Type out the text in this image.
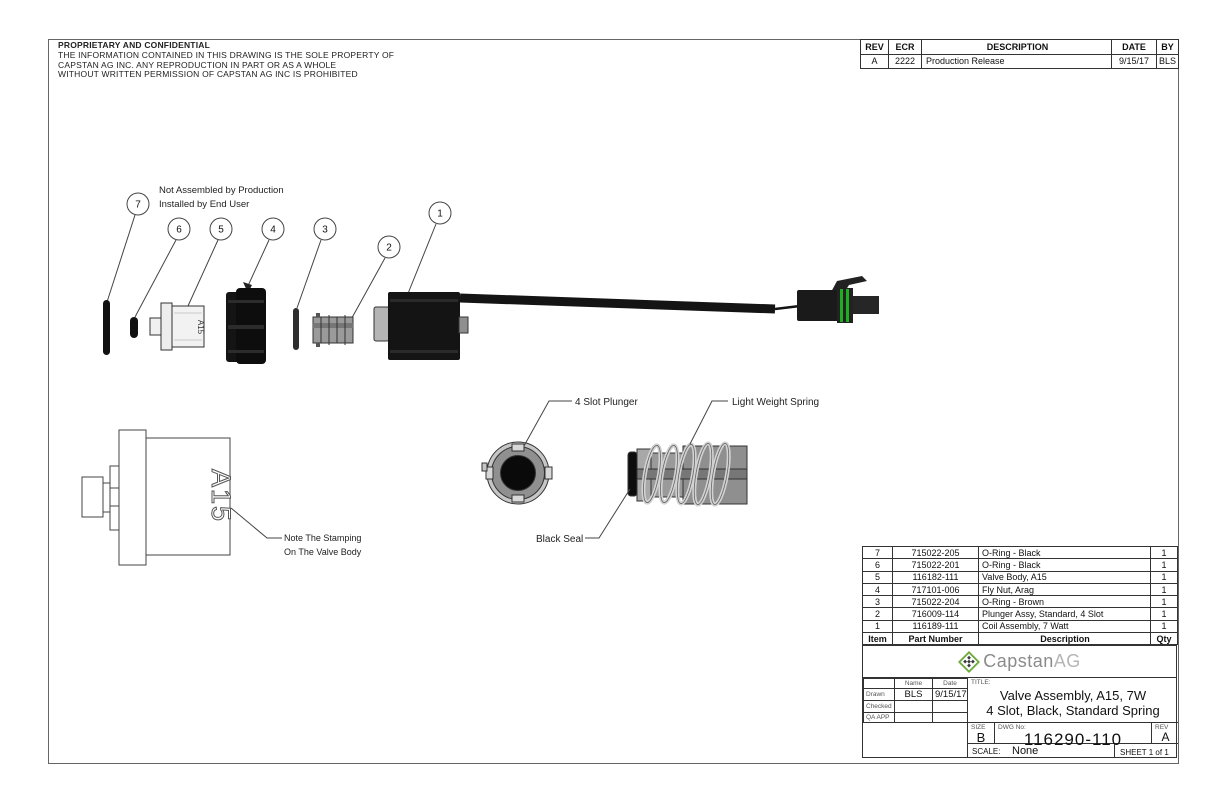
PROPRIETARY AND CONFIDENTIAL
THE INFORMATION CONTAINED IN THIS DRAWING IS THE SOLE PROPERTY OF
CAPSTAN AG INC. ANY REPRODUCTION IN PART OR AS A WHOLE
WITHOUT WRITTEN PERMISSION OF CAPSTAN AG INC IS PROHIBITED
REV	ECR	DESCRIPTION	DATE	BY
A	2222	Production Release	9/15/17	BLS
7
6	5	4	3
2
1
A15
A15
4 Slot Plunger	Light Weight Spring
Black Seal
Not Assembled by Production
Installed by End User
Note The Stamping
On The Valve Body	7	715022-205	O-Ring - Black	1
6	715022-201	O-Ring - Black	1
5	116182-111	Valve Body, A15	1
4	717101-006	Fly Nut, Arag	1
3	715022-204	O-Ring - Brown	1
2	716009-114	Plunger Assy, Standard, 4 Slot	1
1	116189-111	Coil Assembly, 7 Watt	1
Item	Part Number	Description	Qty
CapstanAG
	Name	Date
Drawn	BLS	9/15/17
Checked		
QA APP		
TITLE:
Valve Assembly, A15, 7W
4 Slot, Black, Standard Spring
SIZE
B
DWG No:
116290-110
REV
A
SCALE: None	SHEET 1 of 1
